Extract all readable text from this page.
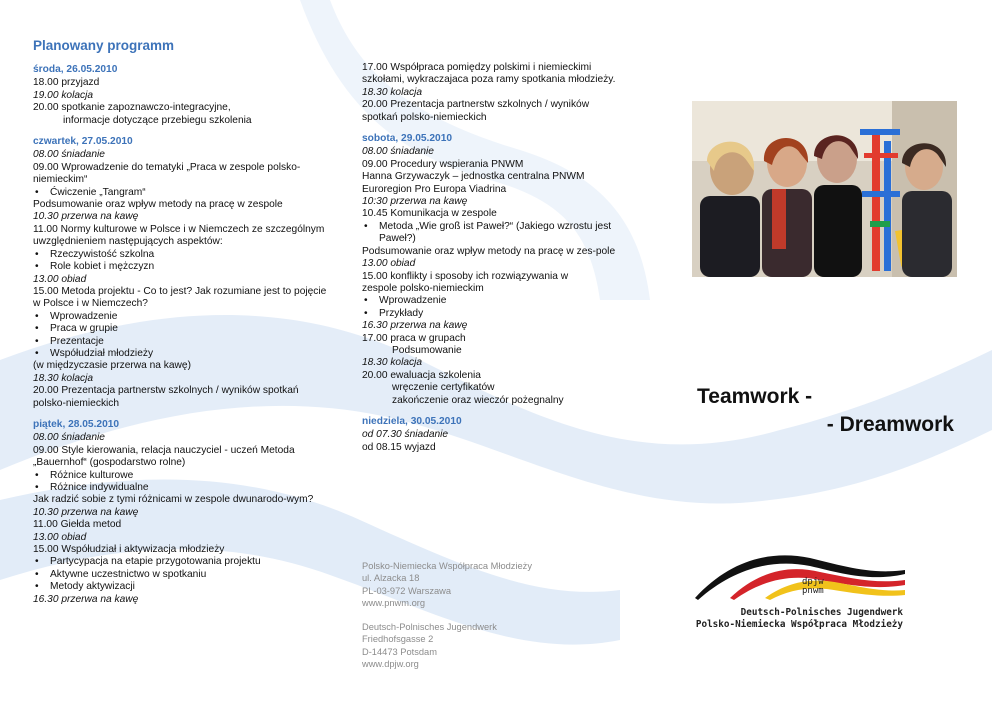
Planowany programm
środa, 26.05.2010
18.00 przyjazd
19.00 kolacja
20.00 spotkanie zapoznawczo-integracyjne,
informacje dotyczące przebiegu szkolenia
czwartek, 27.05.2010
08.00 śniadanie
09.00 Wprowadzenie do tematyki „Praca w zespole polsko-niemieckim“
• Ćwiczenie „Tangram“
Podsumowanie oraz wpływ metody na pracę w zespole
10.30 przerwa na kawę
11.00 Normy kulturowe w Polsce i w Niemczech ze szczególnym uwzględnieniem następujących aspektów:
• Rzeczywistość szkolna
• Role kobiet i mężczyzn
13.00 obiad
15.00 Metoda projektu - Co to jest? Jak rozumiane jest to pojęcie w Polsce i w Niemczech?
• Wprowadzenie
• Praca w grupie
• Prezentacje
• Współudział młodzieży
(w międzyczasie przerwa na kawę)
18.30 kolacja
20.00 Prezentacja partnerstw szkolnych / wyników spotkań polsko-niemieckich
piątek, 28.05.2010
08.00 śniadanie
09.00 Style kierowania, relacja nauczyciel - uczeń Metoda „Bauernhof“ (gospodarstwo rolne)
• Różnice kulturowe
• Różnice indywidualne
Jak radzić sobie z tymi różnicami w zespole dwunarodo-wym?
10.30 przerwa na kawę
11.00 Giełda metod
13.00 obiad
15.00 Współudział i aktywizacja młodzieży
• Partycypacja na etapie przygotowania projektu
• Aktywne uczestnictwo w spotkaniu
• Metody aktywizacji
16.30 przerwa na kawę
17.00 Współpraca pomiędzy polskimi i niemieckimi szkołami, wykraczajaca poza ramy spotkania młodzieży.
18.30 kolacja
20.00 Prezentacja partnerstw szkolnych / wyników spotkań polsko-niemieckich
sobota, 29.05.2010
08.00 śniadanie
09.00 Procedury wspierania PNWM
Hanna Grzywaczyk – jednostka centralna PNWM
Euroregion Pro Europa Viadrina
10:30 przerwa na kawę
10.45 Komunikacja w zespole
• Metoda „Wie groß ist Paweł?“ (Jakiego wzrostu jest Paweł?)
Podsumowanie oraz wpływ metody na pracę w zes-pole
13.00 obiad
15.00 konflikty i sposoby ich rozwiązywania w
zespole polsko-niemieckim
• Wprowadzenie
• Przykłady
16.30 przerwa na kawę
17.00 praca w grupach
Podsumowanie
18.30 kolacja
20.00 ewaluacja szkolenia
wręczenie certyfikatów
zakończenie oraz wieczór pożegnalny
niedziela, 30.05.2010
od 07.30 śniadanie
od 08.15 wyjazd
Polsko-Niemiecka Współpraca Młodzieży
ul. Alzacka 18
PL-03-972 Warszawa
www.pnwm.org
Deutsch-Polnisches Jugendwerk
Friedhofsgasse 2
D-14473 Potsdam
www.dpjw.org
Teamwork -
- Dreamwork
dpjw
pnwm
Deutsch-Polnisches Jugendwerk
Polsko-Niemiecka Współpraca Młodzieży
